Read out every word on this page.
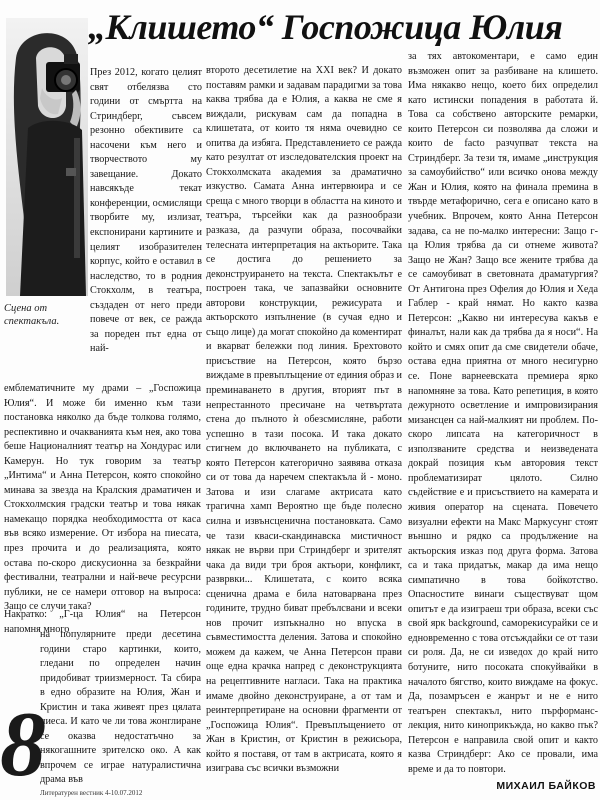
„Клишето“ Госпожица Юлия
Сцена от спектакъла.
През 2012, когато целият свят отбелязва сто години от смъртта на Стриндберг, съвсем резонно обективите са насочени към него и творчеството му завещание. Докато навсякъде текат конференции, осмислящи творбите му, излизат, експонирани картините и целият изобразителен корпус, който е оставил в наследство, то в родния Стокхолм, в театъра, създаден от него преди повече от век, се ражда за пореден път една от най-
емблематичните му драми – „Госпожица Юлия“. И може би именно към тази постановка няколко да бъде толкова голямо, респективно и очакванията към нея, ако това беше Националният театър на Хондурас или Камерун. Но тук говорим за театър „Интима“ и Анна Петерсон, която спокойно минава за звезда на Кралския драматичен и Стокхолмския градски театър и това някак намекащо порядка необходимостта от каса във всяко измерение. От избора на пиесата, през прочита и до реализацията, която остава по-скоро дискусионна за безкрайни фестивални, театрални и най-вече ресурсни публики, не се намери отговор на въпроса: Защо се случи така?
Накратко: „Г-ца Юлия“ на Петерсон напомня много
на популярните преди десетина години старо картинки, които, гледани по определен начин придобиват триизмерност. Та сбира в едно образите на Юлия, Жан и Кристин и така живеят през цялата пиеса. И като че ли това жонглиране се оказва недостатъчно за някогашните зрителско око. А как впрочем се играе натуралистична драма във
второто десетилетие на XXI век? И докато поставям рамки и задавам парадигми за това каква трябва да е Юлия, а каква не сме я виждали, рискувам сам да попадна в клишетата, от които тя няма очевидно се опитва да избяга. Представлението се ражда като резултат от изследователския проект на Стокхолмската академия за драматично изкуство. Самата Анна интервюира и се среща с много творци в областта на киното и театъра, търсейки как да разнообрази разказа, да разчупи образа, посочвайки телесната интерпретация на актьорите. Така се достига до решението за деконструирането на текста. Спектакълът е построен така, че запазвайки основните авторови конструкции, режисурата и актьорското изпълнение (в сучая едно и също лице) да могат спокойно да коментират и вкарват бележки под линия. Брехтовото присъствие на Петерсон, която бързо виждаме в превъплъщение от единия образ и преминаването в другия, вторият път в непрестанното пресичане на четвъртата стена до пълното ѝ обезсмисляне, работи успешно в тази посока. И така докато стигнем до включването на публиката, с която Петерсон категорично заявява отказа си от това да наречем спектакъла й - моно. Затова и изи слагаме актрисата като трагична хамп Вероятно ще бъде полесно силна и извънсценична постановката. Само че тази кваси-скандинавска мистичност някак не върви при Стриндберг и зрителят чака да види три броя актьори, конфликт, разврвки... Клишетата, с които всяка сценична драма е била натоварвана през годините, трудно биват пребълсвани и всеки нов прочит изпъкнално но впуска в съвместимостта деления. Затова и спокойно можем да кажем, че Анна Петерсон прави още една крачка напред с деконструкцията на рецептивните нагласи. Така на практика имаме двойно деконструиране, а от там и реинтерпретиране на основни фрагменти от „Госпожица Юлия“. Превъплъщението от Жан в Кристин, от Кристин в режисьора, който я поставя, от там в актрисата, която я изиграва със всички възможни
за тях автокоментари, е само един възможен опит за разбиване на клишето. Има някакво нещо, което бих определил като истински попадения в работата й. Това са собствено авторските ремарки, които Петерсон си позволява да сложи и които de facto разчупват текста на Стриндберг. За тези тя, имаме „инструкция за самоубийство“ или всичко онова между Жан и Юлия, която на финала премина в твърде метафорично, сега е описано като в учебник. Впрочем, която Анна Петерсон задава, са не по-малко интересни: Защо г-ца Юлия трябва да си отнеме живота? Защо не Жан? Защо все жените трябва да се самоубиват в световната драматургия? От Антигона през Офелия до Юлия и Хеда Габлер - край нямат. Но както казва Петерсон: „Какво ни интересува какъв е финалът, нали как да трябва да я носи“. На който и смях опит да сме свидетели обаче, остава една приятна от много несигурно се. Понe варнеевската премиера ярко напомняне за това. Като репетиция, в която дежурното осветление и импровизирания мизансцен са най-малкият ни проблем. По-скоро липсата на категоричност в използваните средства и неизведената докрай позиция към авторовия текст проблематизират цялото. Силно съдействие е и присъствието на камерата и живия оператор на сцената. Повечето визуални ефекти на Макс Маркусунг стоят външно и рядко са продължение на актьорския изказ под друга форма. Затова са и така придатък, макар да има нещо симпатично в това бойкотство. Опасностите винаги съществуват щом опитът е да изиграеш три образа, всеки със свой ярк background, саморекисурайки се и едновременно с това отсъждайки се от тази си роля. Да, не си изведох до край нито ботуните, нито посоката спокуйвайки в началото бягство, които виждаме на фокус. Да, позамръсен е жанрът и не е нито театърен спектакъл, нито пърформанс-лекция, нито киноприкъжда, но какво пък? Петерсон е направила свой опит и както казва Стриндберг: Ако се провали, има време и да то повтори.
8
Литературен вестник 4-10.07.2012
МИХАИЛ БАЙКОВ
